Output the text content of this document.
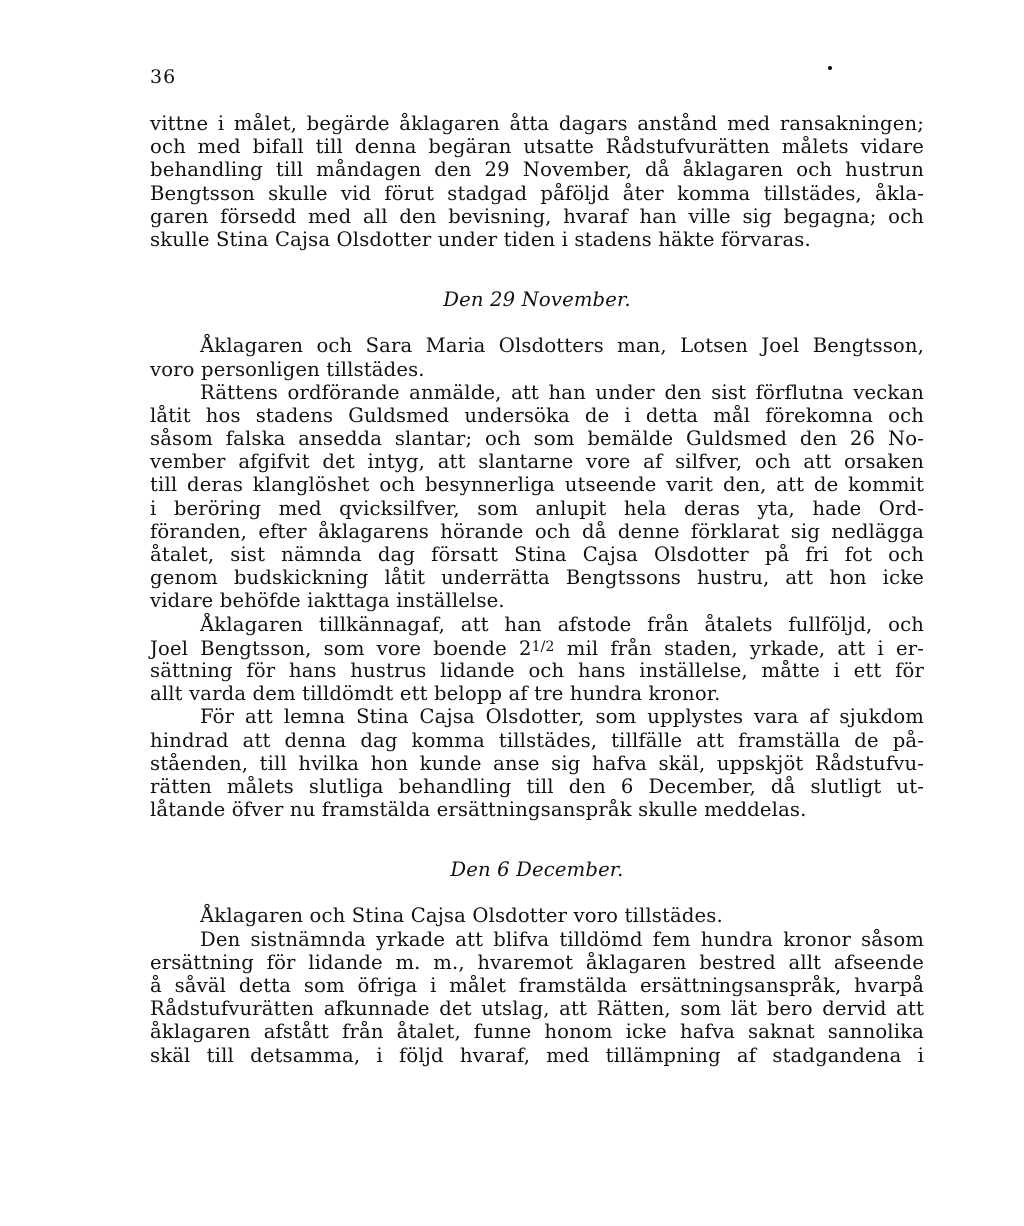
36
vittne i målet, begärde åklagaren åtta dagars anstånd med ransakningen;
och med bifall till denna begäran utsatte Rådstufvurätten målets vidare
behandling till måndagen den 29 November, då åklagaren och hustrun
Bengtsson skulle vid förut stadgad påföljd åter komma tillstädes, åkla-
garen försedd med all den bevisning, hvaraf han ville sig begagna; och
skulle Stina Cajsa Olsdotter under tiden i stadens häkte förvaras.
Den 29 November.
Åklagaren och Sara Maria Olsdotters man, Lotsen Joel Bengtsson,
voro personligen tillstädes.
Rättens ordförande anmälde, att han under den sist förflutna veckan
låtit hos stadens Guldsmed undersöka de i detta mål förekomna och
såsom falska ansedda slantar; och som bemälde Guldsmed den 26 No-
vember afgifvit det intyg, att slantarne vore af silfver, och att orsaken
till deras klanglöshet och besynnerliga utseende varit den, att de kommit
i beröring med qvicksilfver, som anlupit hela deras yta, hade Ord-
föranden, efter åklagarens hörande och då denne förklarat sig nedlägga
åtalet, sist nämnda dag försatt Stina Cajsa Olsdotter på fri fot och
genom budskickning låtit underrätta Bengtssons hustru, att hon icke
vidare behöfde iakttaga inställelse.
Åklagaren tillkännagaf, att han afstode från åtalets fullföljd, och
Joel Bengtsson, som vore boende $2^{1/2}$ mil från staden, yrkade, att i er-
sättning för hans hustrus lidande och hans inställelse, måtte i ett för
allt varda dem tilldömdt ett belopp af tre hundra kronor.
För att lemna Stina Cajsa Olsdotter, som upplystes vara af sjukdom
hindrad att denna dag komma tillstädes, tillfälle att framställa de på-
ståenden, till hvilka hon kunde anse sig hafva skäl, uppskjöt Rådstufvu-
rätten målets slutliga behandling till den 6 December, då slutligt ut-
låtande öfver nu framstälda ersättningsanspråk skulle meddelas.
Den 6 December.
Åklagaren och Stina Cajsa Olsdotter voro tillstädes.
Den sistnämnda yrkade att blifva tilldömd fem hundra kronor såsom
ersättning för lidande m. m., hvaremot åklagaren bestred allt afseende
å såväl detta som öfriga i målet framstälda ersättningsanspråk, hvarpå
Rådstufvurätten afkunnade det utslag, att Rätten, som lät bero dervid att
åklagaren afstått från åtalet, funne honom icke hafva saknat sannolika
skäl till detsamma, i följd hvaraf, med tillämpning af stadgandena i
